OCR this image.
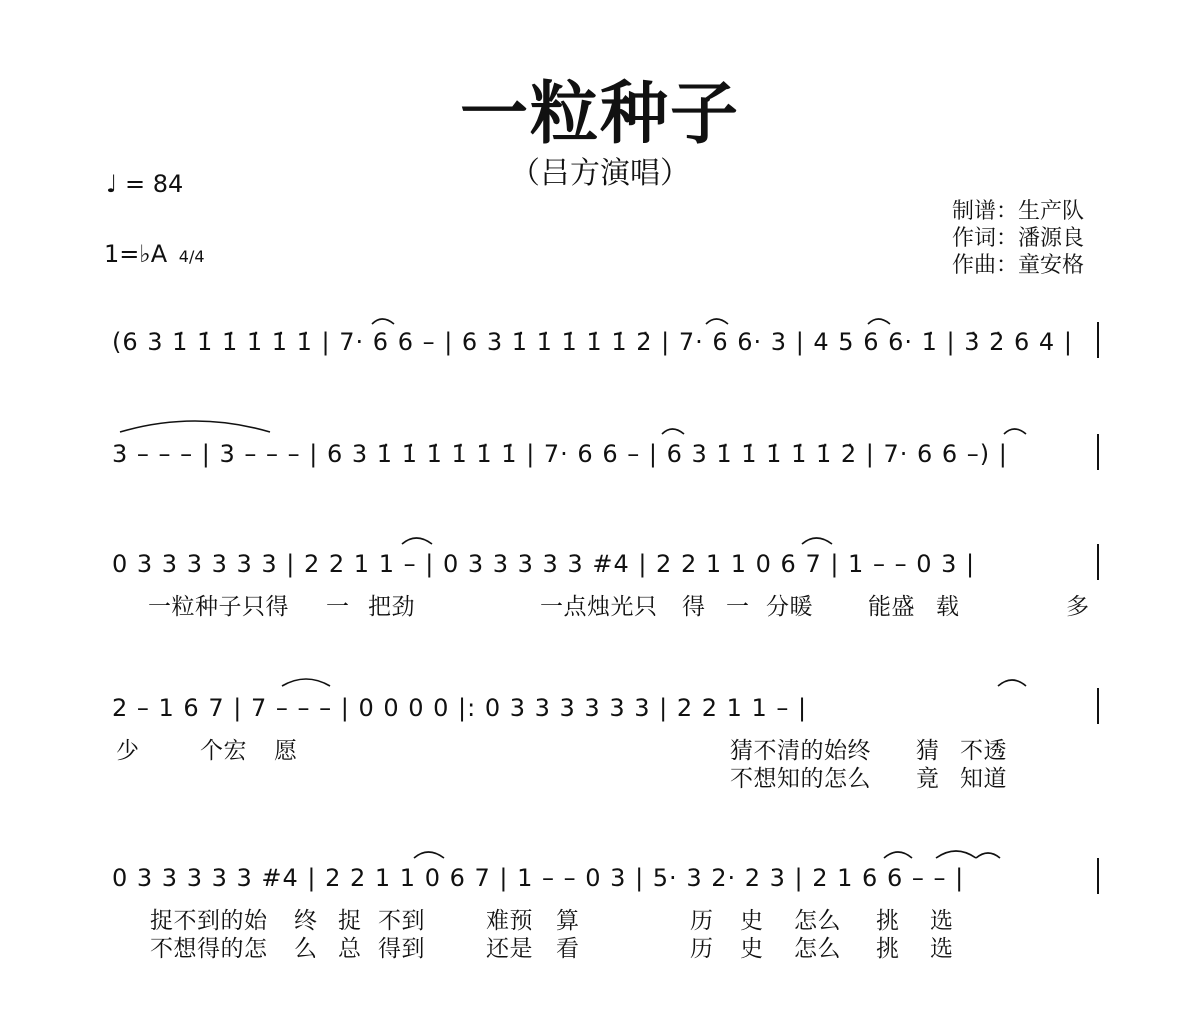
一粒种子
（吕方演唱）
♩ = 84
1=♭A 4/4
制谱：生产队
作词：潘源良
作曲：童安格
(6 3 1̇ 1̇ 1̇ 1̇ 1̇ 1̇ | 7· 6 6 – | 6 3 1̇ 1̇ 1̇ 1̇ 1̇ 2̇ | 7· 6 6· 3 | 4 5 6 6· 1̇ | 3̇ 2̇ 6 4 |
3 – – – | 3 – – – | 6 3 1̇ 1̇ 1̇ 1̇ 1̇ 1̇ | 7· 6 6 – | 6 3 1̇ 1̇ 1̇ 1̇ 1̇ 2̇ | 7· 6 6 –) |
0 3 3 3 3 3 3 | 2 2 1 1 – | 0 3 3 3 3 3 #4 | 2 2 1 1 0 6 7 | 1 – – 0 3 |
2 – 1 6 7 | 7 – – – | 0 0 0 0 |: 0 3 3 3 3 3 3 | 2 2 1 1 – |
0 3 3 3 3 3 #4 | 2 2 1 1 0 6 7 | 1 – – 0 3 | 5· 3 2· 2 3 | 2 1 6 6 – – |
一粒种子只得 一 把劲	一点烛光只 得 一 分暖 能盛 载	多
少	个宏 愿	猜不清的始终 猜 不透
不想知的怎么 竟 知道
捉不到的始 终 捉 不到	难预 算	历 史 怎么 挑 选
不想得的怎 么 总 得到	还是 看	历 史 怎么 挑 选
